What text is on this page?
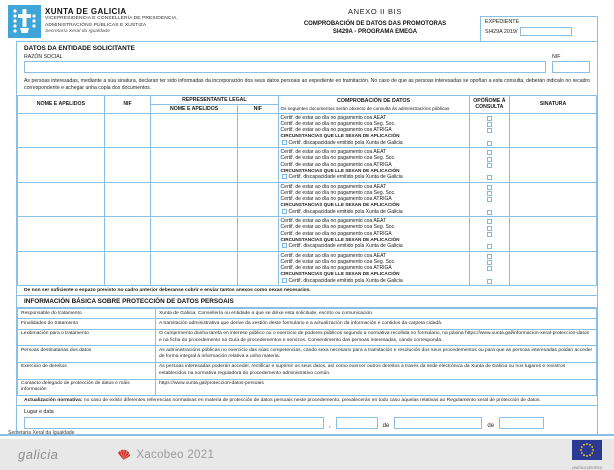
XUNTA DE GALICIA
VICEPRESIDENCIA E CONSELLERÍA DE PRESIDENCIA,
ADMINISTRACIÓNS PÚBLICAS E XUSTIZA
Secretaría Xeral da Igualdade
ANEXO II BIS
COMPROBACIÓN DE DATOS DAS PROMOTORAS
SI429A - PROGRAMA EMEGA
EXPEDIENTE
SI429A 2019/
DATOS DA ENTIDADE SOLICITANTE
RAZÓN SOCIAL	NIF
As persoas interesadas, mediante a súa sinatura, declaran ter sido informadas da incorporación dos seus datos persoais ao expediente en tramitación. No caso de que as persoas interesadas se opoñan a esta consulta, deberán indicalo no recadro correspondente e achegar unha copia dos documentos.
NOME E APELIDOS	NIF	REPRESENTANTE LEGAL		COMPROBACIÓN DE DATOS
Os seguintes documentos serán obxecto de consulta ás administracións públicas	OPÓÑOME Á CONSULTA	SINATURA
		NOME E APELIDOS	NIF			

				Certif. de estar ao día no pagamento coa AEAT
Certif. de estar ao día no pagamento coa Seg. Soc.
Certif. de estar ao día no pagamento coa ATRIGA
CIRCUNSTANCIAS QUE LLE SEXAN DE APLICACIÓN
Certif. discapacidade emitido pola Xunta de Galicia		

				Certif. de estar ao día no pagamento coa AEAT
Certif. de estar ao día no pagamento coa Seg. Soc.
Certif. de estar ao día no pagamento coa ATRIGA
CIRCUNSTANCIAS QUE LLE SEXAN DE APLICACIÓN
Certif. discapacidade emitido pola Xunta de Galicia		

				Certif. de estar ao día no pagamento coa AEAT
Certif. de estar ao día no pagamento coa Seg. Soc.
Certif. de estar ao día no pagamento coa ATRIGA
CIRCUNSTANCIAS QUE LLE SEXAN DE APLICACIÓN
Certif. discapacidade emitido pola Xunta de Galicia		

				Certif. de estar ao día no pagamento coa AEAT
Certif. de estar ao día no pagamento coa Seg. Soc.
Certif. de estar ao día no pagamento coa ATRIGA
CIRCUNSTANCIAS QUE LLE SEXAN DE APLICACIÓN
Certif. discapacidade emitido pola Xunta de Galicia		

				Certif. de estar ao día no pagamento coa AEAT
Certif. de estar ao día no pagamento coa Seg. Soc.
Certif. de estar ao día no pagamento coa ATRIGA
CIRCUNSTANCIAS QUE LLE SEXAN DE APLICACIÓN
Certif. discapacidade emitido pola Xunta de Galicia		

De non ser suficiente o espazo previsto no cadro anterior deberanse cubrir e enviar tantos anexos como sexan necesarios.
INFORMACIÓN BÁSICA SOBRE PROTECCIÓN DE DATOS PERSOAIS
Responsable do tratamento	Xunta de Galicia. Consellería ou entidade a que se dirixe esta solicitude, escrito ou comunicación.
Finalidades do tratamento	A tramitación administrativa que derive da xestión deste formulario e a actualización da información e contidos da carpeta cidadá.
Lexitimación para o tratamento	O cumprimento dunha tarefa en interese público ou o exercicio de poderes públicos segundo a normativa recollida no formulario, na páxina https://www.xunta.gal/informacion-xeral-proteccion-datos e na ficha do procedemento na Guía de procedementos e servizos. Consentimento das persoas interesadas, cando corresponda.
Persoas destinatarias dos datos	As administracións públicas no exercicio das súas competencias, cando sexa necesario para a tramitación e resolución dos seus procedementos ou para que as persoas interesadas poidan acceder de forma integral á información relativa a unha materia.
Exercicio de dereitos	As persoas interesadas poderán acceder, rectificar e suprimir os seus datos, así como exercer outros dereitos a través da sede electrónica da Xunta de Galicia ou nos lugares e rexistros establecidos na normativa reguladora do procedemento administrativo común.
Contacto delegado de protección de datos e máis información	https://www.xunta.gal/proteccion-datos-persoais
Actualización normativa: no caso de existir diferentes referencias normativas en materia de protección de datos persoais neste procedemento, prevalecerán en todo caso aquelas relativas ao Regulamento xeral de protección de datos.
Lugar e data
,	de	de
galicia	Xacobeo 2021
UNIÓN EUROPEA
Secretaría Xeral da Igualdade
